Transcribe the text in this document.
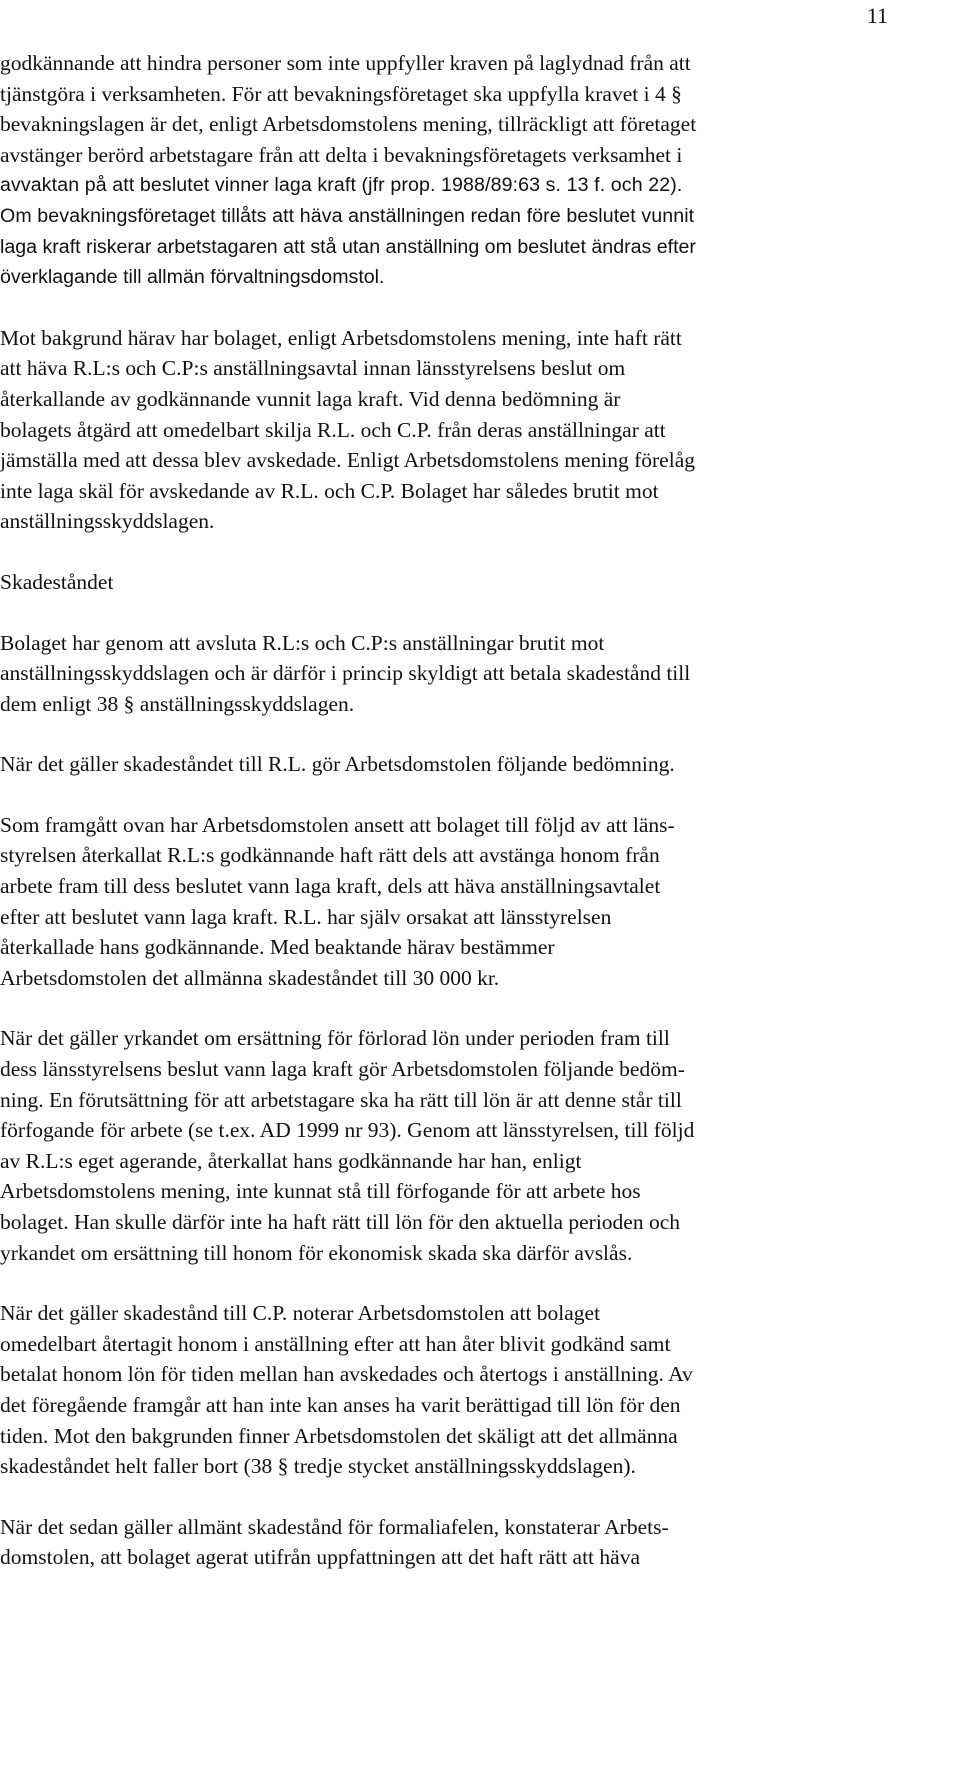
11

godkännande att hindra personer som inte uppfyller kraven på laglydnad från att
tjänstgöra i verksamheten. För att bevakningsföretaget ska uppfylla kravet i 4 §
bevakningslagen är det, enligt Arbetsdomstolens mening, tillräckligt att företaget
avstänger berörd arbetstagare från att delta i bevakningsföretagets verksamhet i
avvaktan på att beslutet vinner laga kraft (jfr prop. 1988/89:63 s. 13 f. och 22).
Om bevakningsföretaget tillåts att häva anställningen redan före beslutet vunnit
laga kraft riskerar arbetstagaren att stå utan anställning om beslutet ändras efter
överklagande till allmän förvaltningsdomstol.

Mot bakgrund härav har bolaget, enligt Arbetsdomstolens mening, inte haft rätt
att häva R.L:s och C.P:s anställningsavtal innan länsstyrelsens beslut om
återkallande av godkännande vunnit laga kraft. Vid denna bedömning är
bolagets åtgärd att omedelbart skilja R.L. och C.P. från deras anställningar att
jämställa med att dessa blev avskedade. Enligt Arbetsdomstolens mening förelåg
inte laga skäl för avskedande av R.L. och C.P. Bolaget har således brutit mot
anställningsskyddslagen.

Skadeståndet

Bolaget har genom att avsluta R.L:s och C.P:s anställningar brutit mot
anställningsskyddslagen och är därför i princip skyldigt att betala skadestånd till
dem enligt 38 § anställningsskyddslagen.

När det gäller skadeståndet till R.L. gör Arbetsdomstolen följande bedömning.

Som framgått ovan har Arbetsdomstolen ansett att bolaget till följd av att läns-
styrelsen återkallat R.L:s godkännande haft rätt dels att avstänga honom från
arbete fram till dess beslutet vann laga kraft, dels att häva anställningsavtalet
efter att beslutet vann laga kraft. R.L. har själv orsakat att länsstyrelsen
återkallade hans godkännande. Med beaktande härav bestämmer
Arbetsdomstolen det allmänna skadeståndet till 30 000 kr.

När det gäller yrkandet om ersättning för förlorad lön under perioden fram till
dess länsstyrelsens beslut vann laga kraft gör Arbetsdomstolen följande bedöm-
ning. En förutsättning för att arbetstagare ska ha rätt till lön är att denne står till
förfogande för arbete (se t.ex. AD 1999 nr 93). Genom att länsstyrelsen, till följd
av R.L:s eget agerande, återkallat hans godkännande har han, enligt
Arbetsdomstolens mening, inte kunnat stå till förfogande för att arbete hos
bolaget. Han skulle därför inte ha haft rätt till lön för den aktuella perioden och
yrkandet om ersättning till honom för ekonomisk skada ska därför avslås.

När det gäller skadestånd till C.P. noterar Arbetsdomstolen att bolaget
omedelbart återtagit honom i anställning efter att han åter blivit godkänd samt
betalat honom lön för tiden mellan han avskedades och återtogs i anställning. Av
det föregående framgår att han inte kan anses ha varit berättigad till lön för den
tiden. Mot den bakgrunden finner Arbetsdomstolen det skäligt att det allmänna
skadeståndet helt faller bort (38 § tredje stycket anställningsskyddslagen).

När det sedan gäller allmänt skadestånd för formaliafelen, konstaterar Arbets-
domstolen, att bolaget agerat utifrån uppfattningen att det haft rätt att häva
